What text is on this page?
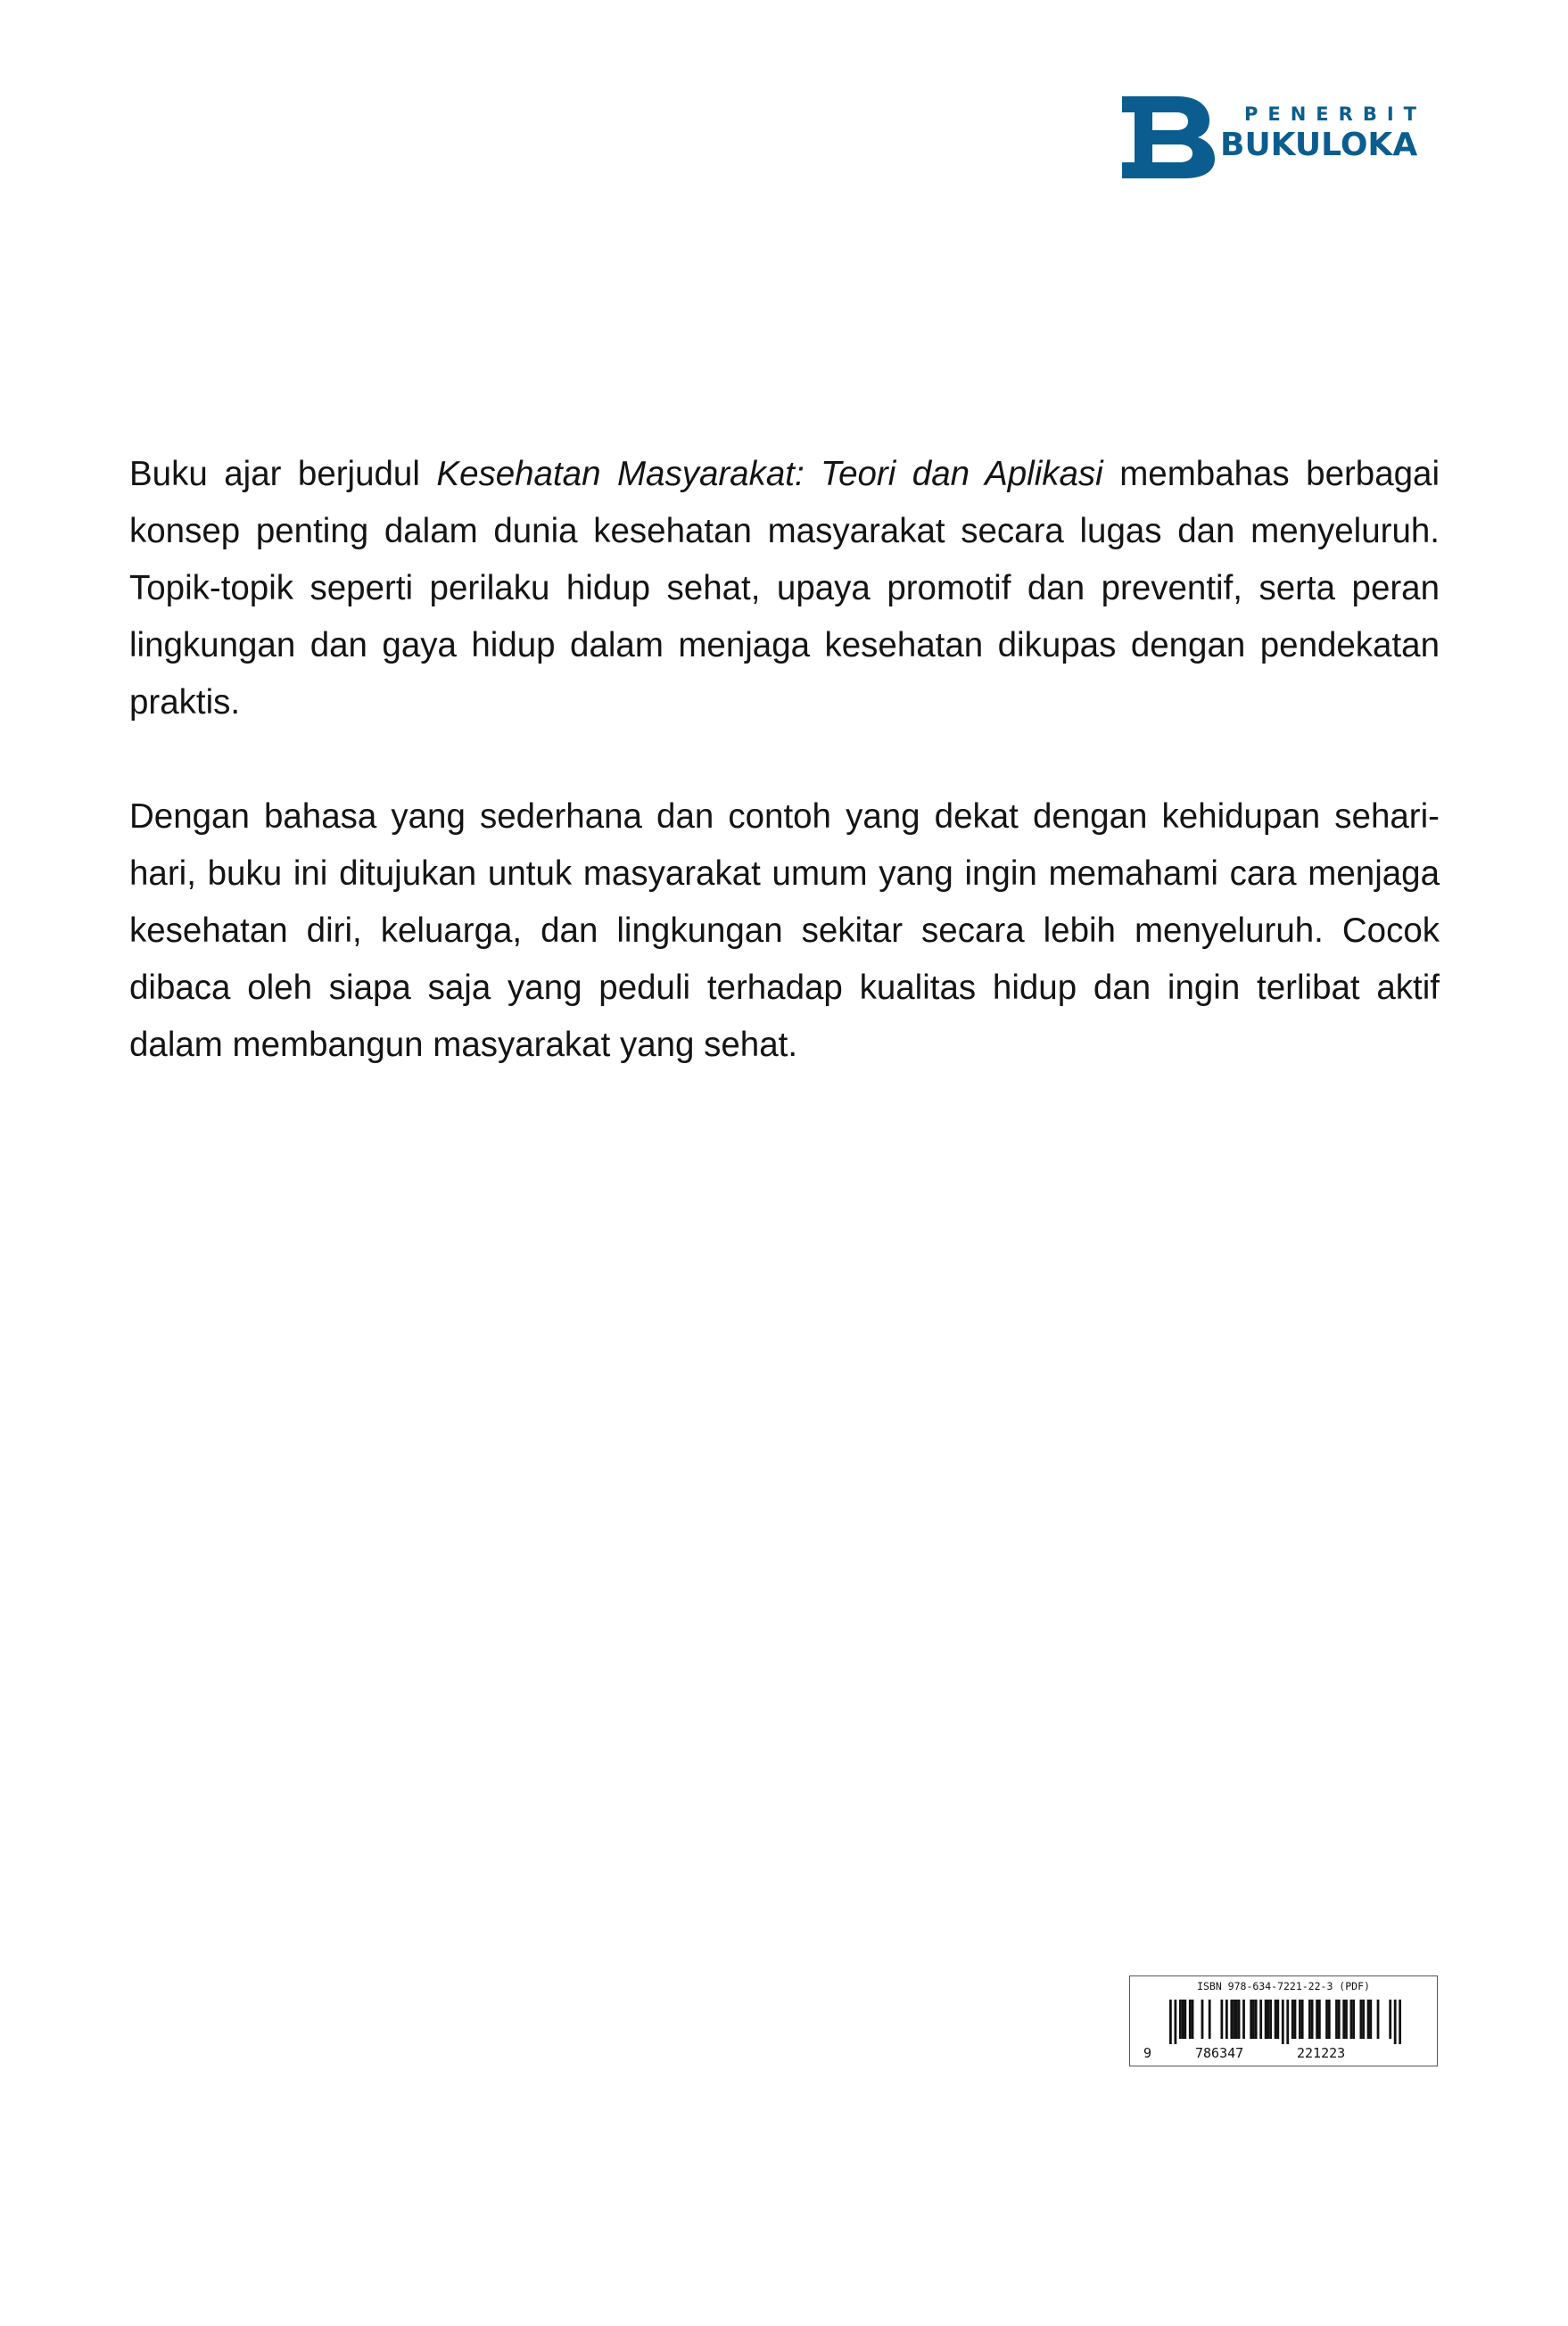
PENERBIT
BUKULOKA

Buku ajar berjudul Kesehatan Masyarakat: Teori dan Aplikasi membahas berbagai konsep penting dalam dunia kesehatan masyarakat secara lugas dan menyeluruh. Topik-topik seperti perilaku hidup sehat, upaya promotif dan preventif, serta peran lingkungan dan gaya hidup dalam menjaga kesehatan dikupas dengan pendekatan praktis.

Dengan bahasa yang sederhana dan contoh yang dekat dengan kehidupan sehari-hari, buku ini ditujukan untuk masyarakat umum yang ingin memahami cara menjaga kesehatan diri, keluarga, dan lingkungan sekitar secara lebih menyeluruh. Cocok dibaca oleh siapa saja yang peduli terhadap kualitas hidup dan ingin terlibat aktif dalam membangun masyarakat yang sehat.

ISBN 978-634-7221-22-3 (PDF)
9	786347	221223
